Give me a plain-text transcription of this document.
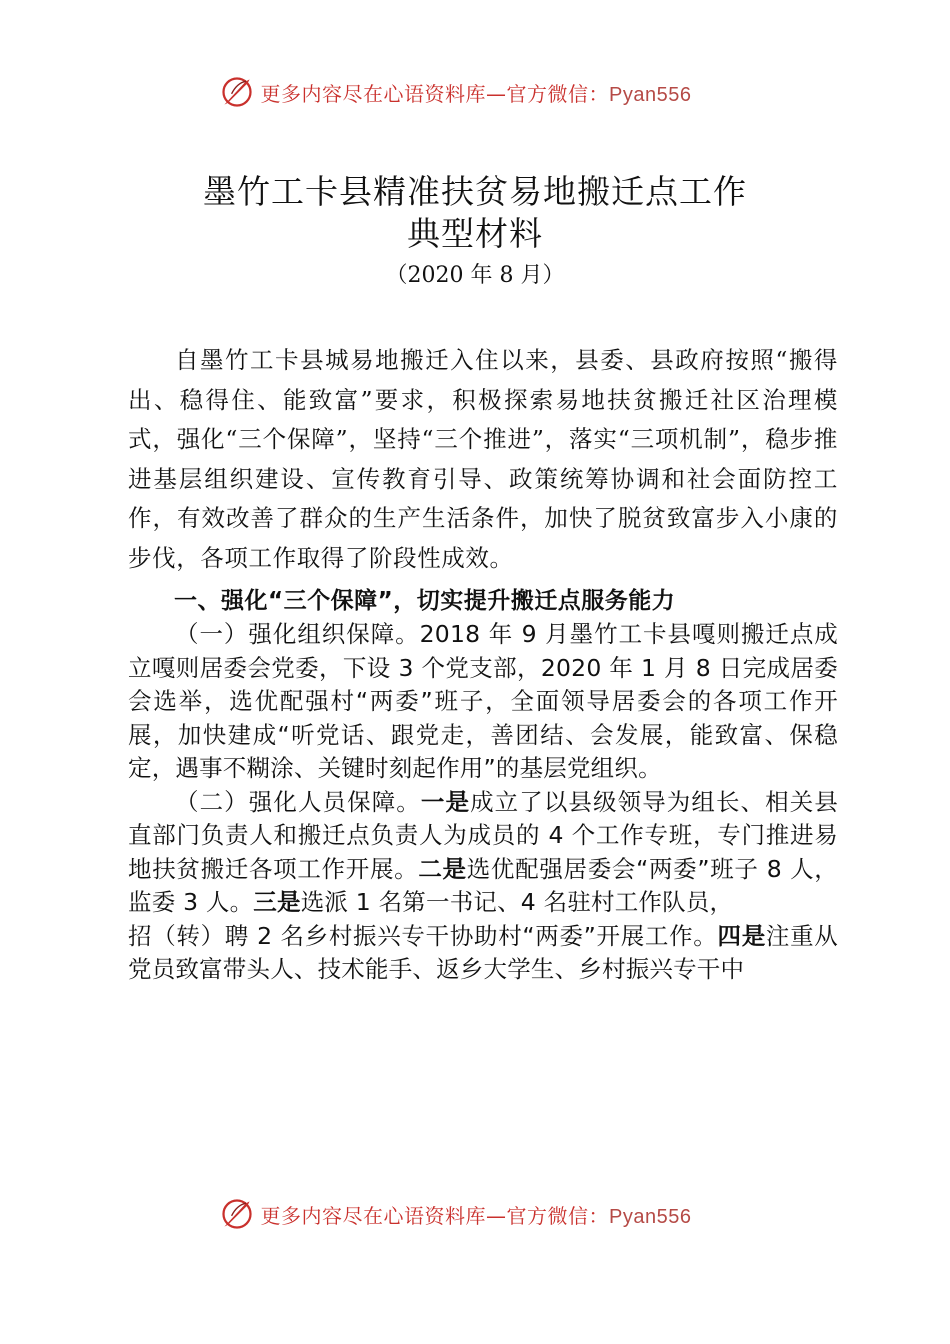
更多内容尽在心语资料库—官方微信：Pyan556
墨竹工卡县精准扶贫易地搬迁点工作
典型材料
（2020 年 8 月）

自墨竹工卡县城易地搬迁入住以来，县委、县政府按照“搬得出、稳得住、能致富”要求，积极探索易地扶贫搬迁社区治理模式，强化“三个保障”，坚持“三个推进”，落实“三项机制”，稳步推进基层组织建设、宣传教育引导、政策统筹协调和社会面防控工作，有效改善了群众的生产生活条件，加快了脱贫致富步入小康的步伐，各项工作取得了阶段性成效。

一、强化“三个保障”，切实提升搬迁点服务能力

（一）强化组织保障。2018 年 9 月墨竹工卡县嘎则搬迁点成立嘎则居委会党委，下设 3 个党支部，2020 年 1 月 8 日完成居委会选举，选优配强村“两委”班子，全面领导居委会的各项工作开展，加快建成“听党话、跟党走，善团结、会发展，能致富、保稳定，遇事不糊涂、关键时刻起作用”的基层党组织。

（二）强化人员保障。一是成立了以县级领导为组长、相关县直部门负责人和搬迁点负责人为成员的 4 个工作专班，专门推进易地扶贫搬迁各项工作开展。二是选优配强居委会“两委”班子 8 人，监委 3 人。三是选派 1 名第一书记、4 名驻村工作队员，

招（转）聘 2 名乡村振兴专干协助村“两委”开展工作。四是注重从党员致富带头人、技术能手、返乡大学生、乡村振兴专干中

更多内容尽在心语资料库—官方微信：Pyan556
